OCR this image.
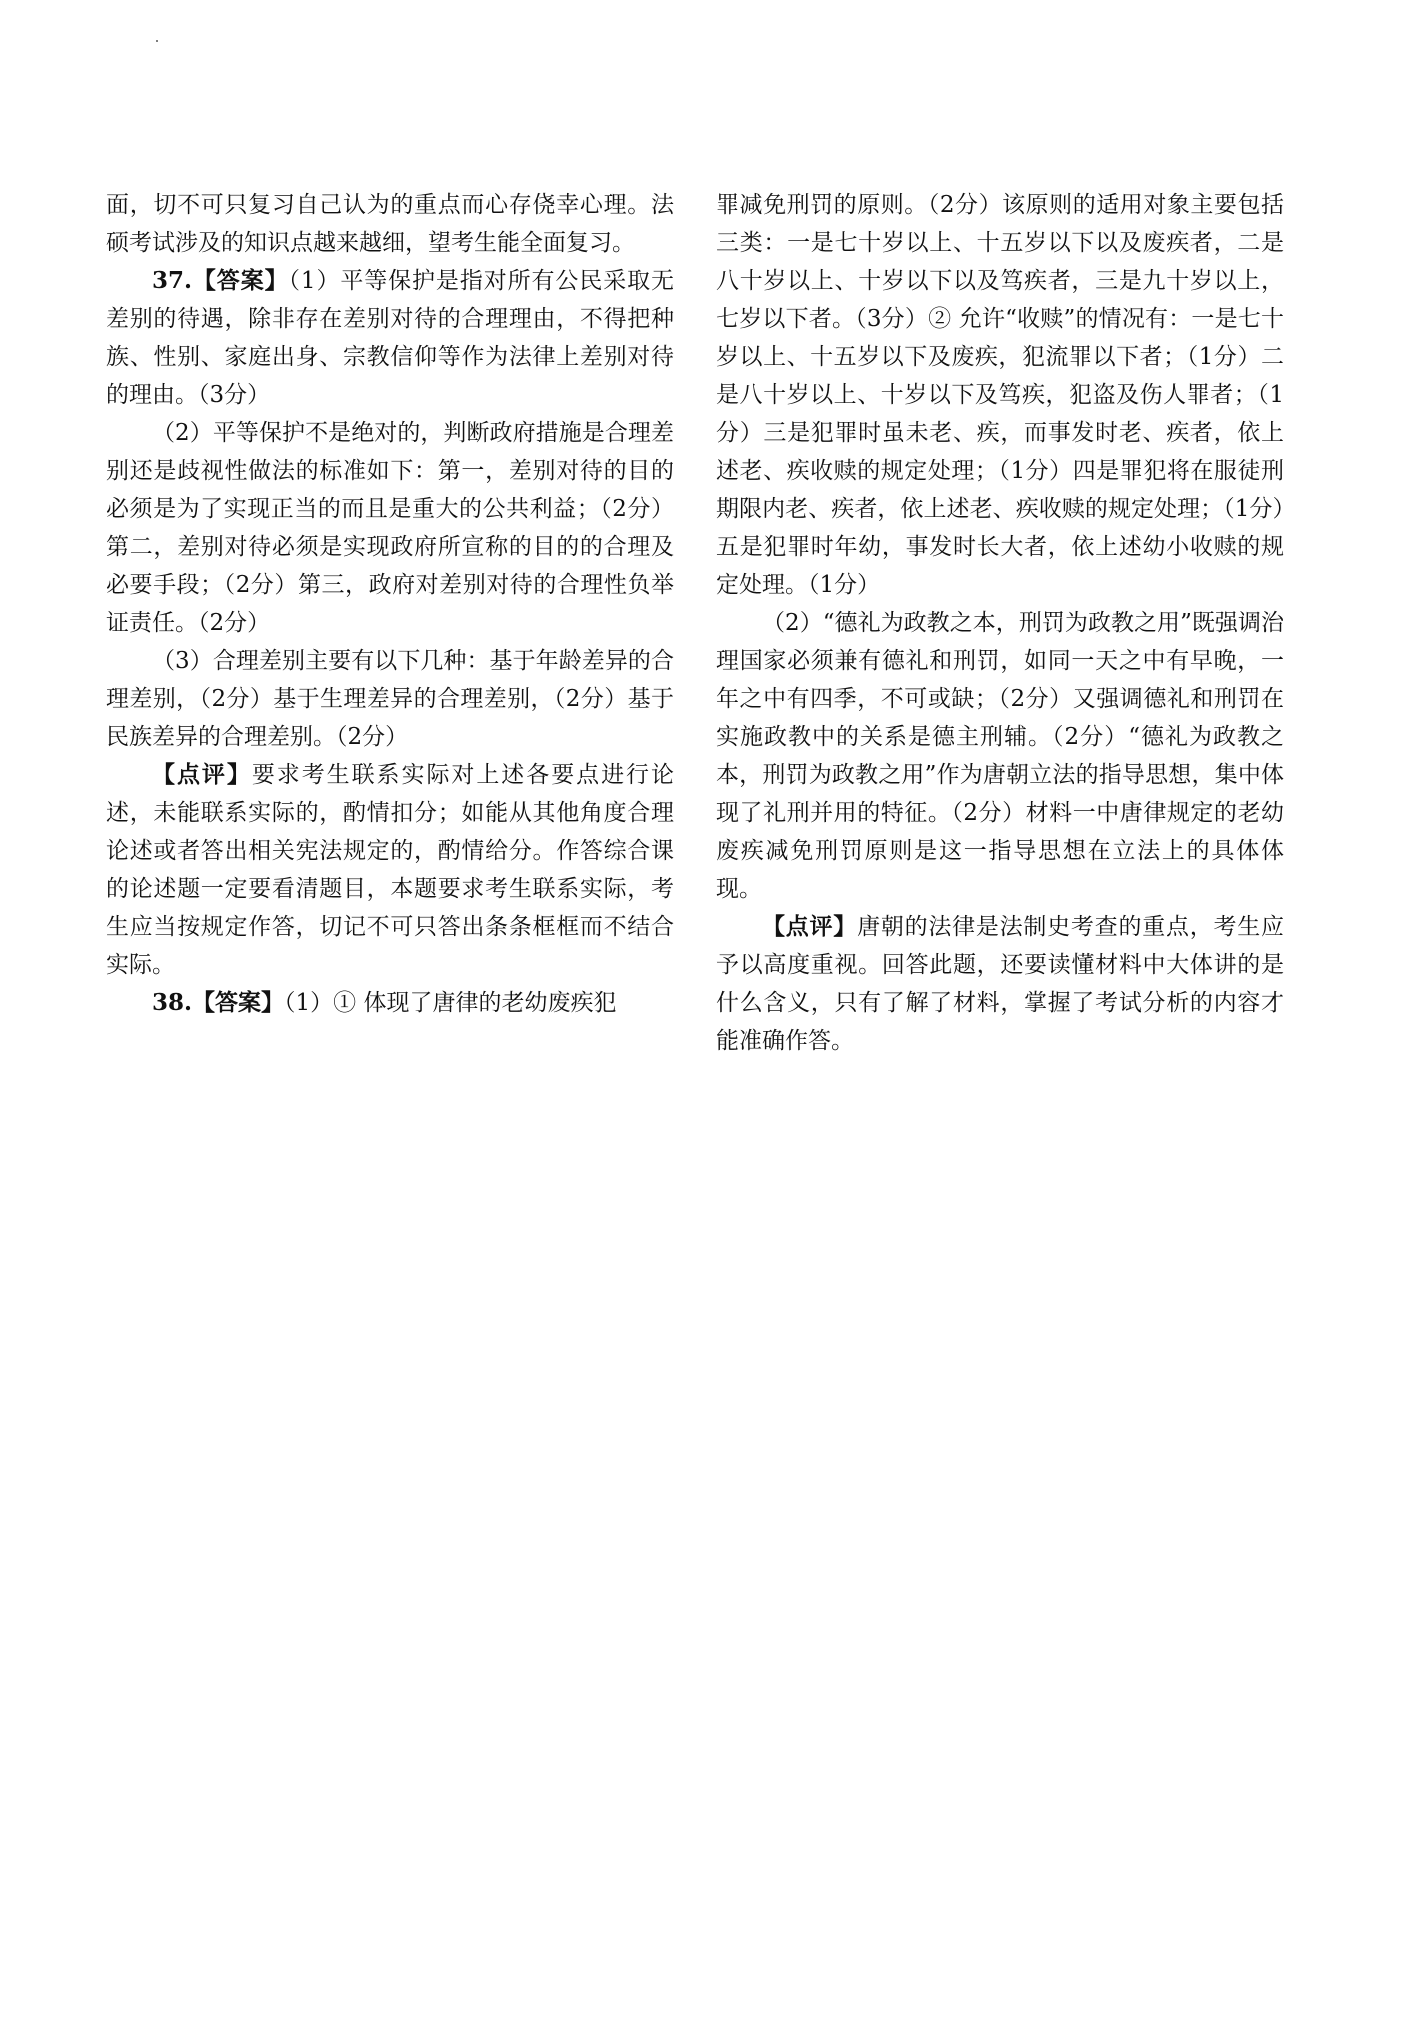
面，切不可只复习自己认为的重点而心存侥幸心理。法硕考试涉及的知识点越来越细，望考生能全面复习。

37.【答案】（1）平等保护是指对所有公民采取无差别的待遇，除非存在差别对待的合理理由，不得把种族、性别、家庭出身、宗教信仰等作为法律上差别对待的理由。（3分）

（2）平等保护不是绝对的，判断政府措施是合理差别还是歧视性做法的标准如下：第一，差别对待的目的必须是为了实现正当的而且是重大的公共利益；（2分）第二，差别对待必须是实现政府所宣称的目的的合理及必要手段；（2分）第三，政府对差别对待的合理性负举证责任。（2分）

（3）合理差别主要有以下几种：基于年龄差异的合理差别，（2分）基于生理差异的合理差别，（2分）基于民族差异的合理差别。（2分）

【点评】要求考生联系实际对上述各要点进行论述，未能联系实际的，酌情扣分；如能从其他角度合理论述或者答出相关宪法规定的，酌情给分。作答综合课的论述题一定要看清题目，本题要求考生联系实际，考生应当按规定作答，切记不可只答出条条框框而不结合实际。

38.【答案】（1）① 体现了唐律的老幼废疾犯

罪减免刑罚的原则。（2分）该原则的适用对象主要包括三类：一是七十岁以上、十五岁以下以及废疾者，二是八十岁以上、十岁以下以及笃疾者，三是九十岁以上，七岁以下者。（3分）② 允许“收赎”的情况有：一是七十岁以上、十五岁以下及废疾，犯流罪以下者；（1分）二是八十岁以上、十岁以下及笃疾，犯盗及伤人罪者；（1分）三是犯罪时虽未老、疾，而事发时老、疾者，依上述老、疾收赎的规定处理；（1分）四是罪犯将在服徒刑期限内老、疾者，依上述老、疾收赎的规定处理；（1分）五是犯罪时年幼，事发时长大者，依上述幼小收赎的规定处理。（1分）

（2）“德礼为政教之本，刑罚为政教之用”既强调治理国家必须兼有德礼和刑罚，如同一天之中有早晚，一年之中有四季，不可或缺；（2分）又强调德礼和刑罚在实施政教中的关系是德主刑辅。（2分）“德礼为政教之本，刑罚为政教之用”作为唐朝立法的指导思想，集中体现了礼刑并用的特征。（2分）材料一中唐律规定的老幼废疾减免刑罚原则是这一指导思想在立法上的具体体现。

【点评】唐朝的法律是法制史考查的重点，考生应予以高度重视。回答此题，还要读懂材料中大体讲的是什么含义，只有了解了材料，掌握了考试分析的内容才能准确作答。
